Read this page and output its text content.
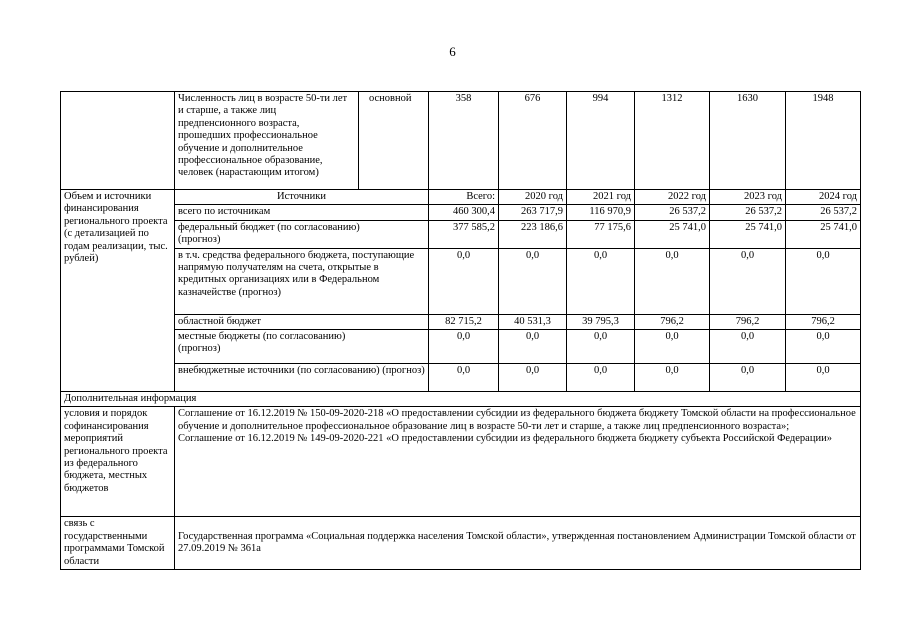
6
	Численность лиц в возрасте 50-ти лет и старше, а также лиц предпенсионного возраста, прошедших профессиональное обучение и дополнительное профессиональное образование, человек (нарастающим итогом)	основной	358	676	994	1312	1630	1948
Объем и источники финансирования регионального проекта (с детализацией по годам реализации, тыс. рублей)	Источники		Всего:	2020 год	2021 год	2022 год	2023 год	2024 год
	всего по источникам		460 300,4	263 717,9	116 970,9	26 537,2	26 537,2	26 537,2
	федеральный бюджет (по согласованию) (прогноз)		377 585,2	223 186,6	77 175,6	25 741,0	25 741,0	25 741,0
	в т.ч. средства федерального бюджета, поступающие напрямую получателям на счета, открытые в кредитных организациях или в Федеральном казначействе (прогноз)		0,0	0,0	0,0	0,0	0,0	0,0
	областной бюджет		82 715,2	40 531,3	39 795,3	796,2	796,2	796,2
	местные бюджеты (по согласованию) (прогноз)		0,0	0,0	0,0	0,0	0,0	0,0
	внебюджетные источники (по согласованию) (прогноз)		0,0	0,0	0,0	0,0	0,0	0,0
Дополнительная информация								
условия и порядок софинансирования мероприятий регионального проекта из федерального бюджета, местных бюджетов	Соглашение от 16.12.2019 № 150-09-2020-218 «О предоставлении субсидии из федерального бюджета бюджету Томской области на профессиональное обучение и дополнительное профессиональное образование лиц в возрасте 50-ти лет и старше, а также лиц предпенсионного возраста»;
Соглашение от 16.12.2019 № 149-09-2020-221 «О предоставлении субсидии из федерального бюджета бюджету субъекта Российской Федерации»							

связь с государственными программами Томской области	Государственная программа «Социальная поддержка населения Томской области», утвержденная постановлением Администрации Томской области от 27.09.2019 № 361а							
